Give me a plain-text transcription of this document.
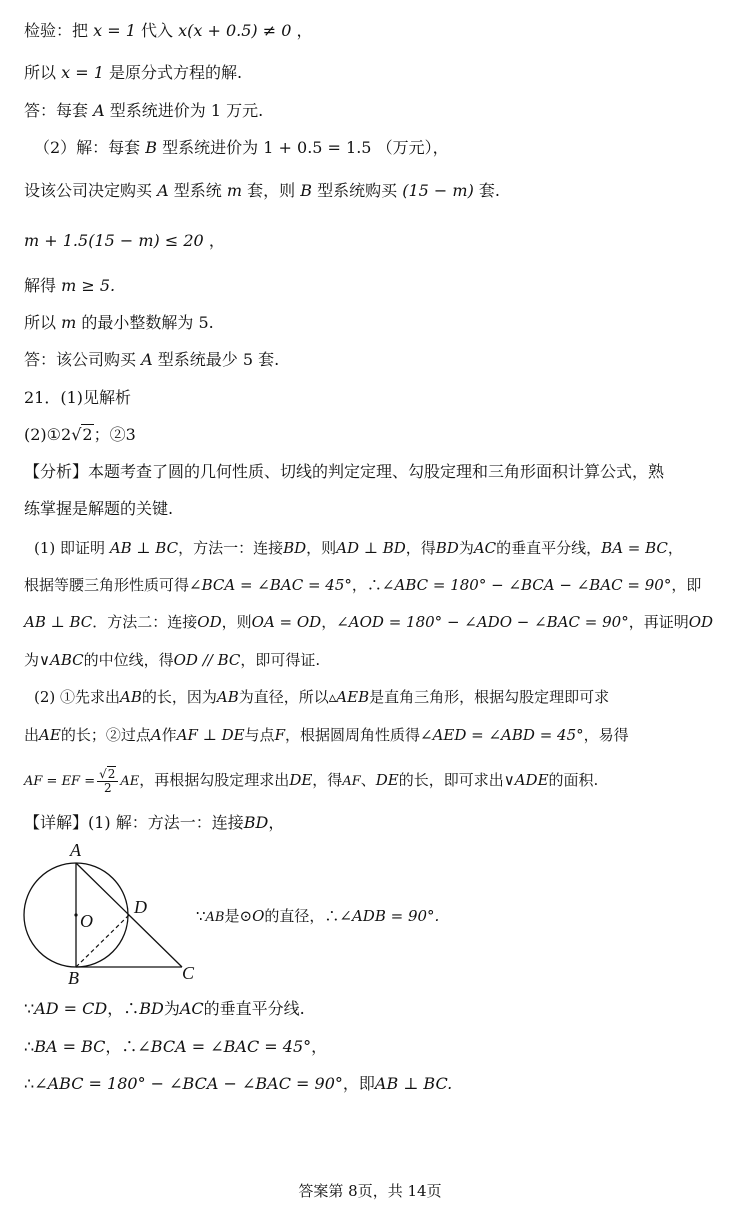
检验：把 x = 1 代入 x(x + 0.5) ≠ 0 ，
所以 x = 1 是原分式方程的解.
答：每套 A 型系统进价为 1 万元.
（2）解：每套 B 型系统进价为 1 + 0.5 = 1.5 （万元），
设该公司决定购买 A 型系统 m 套，则 B 型系统购买 (15 − m) 套.
m + 1.5(15 − m) ≤ 20 ，
解得 m ≥ 5.
所以 m 的最小整数解为 5.
答：该公司购买 A 型系统最少 5 套.
21．(1)见解析
(2)①2√2；②3
【分析】本题考查了圆的几何性质、切线的判定定理、勾股定理和三角形面积计算公式，熟
练掌握是解题的关键.
(1) 即证明 AB ⊥ BC，方法一：连接BD，则AD ⊥ BD，得BD为AC的垂直平分线，BA = BC，
根据等腰三角形性质可得∠BCA = ∠BAC = 45°，∴∠ABC = 180° − ∠BCA − ∠BAC = 90°，即
AB ⊥ BC．方法二：连接OD，则OA = OD，∠AOD = 180° − ∠ADO − ∠BAC = 90°，再证明OD
为∨ABC的中位线，得OD // BC，即可得证.
(2) ①先求出AB的长，因为AB为直径，所以▵AEB是直角三角形，根据勾股定理即可求
出AE的长；②过点A作AF ⊥ DE与点F，根据圆周角性质得∠AED = ∠ABD = 45°，易得
AF = EF = $\frac{√2}{2}$ AE，再根据勾股定理求出DE，得AF、DE的长，即可求出∨ADE的面积.
【详解】(1) 解：方法一：连接BD，
A
B	C
D
O	∵AB是⊙O的直径，∴∠ADB = 90°.
∵AD = CD，∴BD为AC的垂直平分线.
∴BA = BC，∴∠BCA = ∠BAC = 45°，
∴∠ABC = 180° − ∠BCA − ∠BAC = 90°，即AB ⊥ BC.
答案第 8页，共 14页
